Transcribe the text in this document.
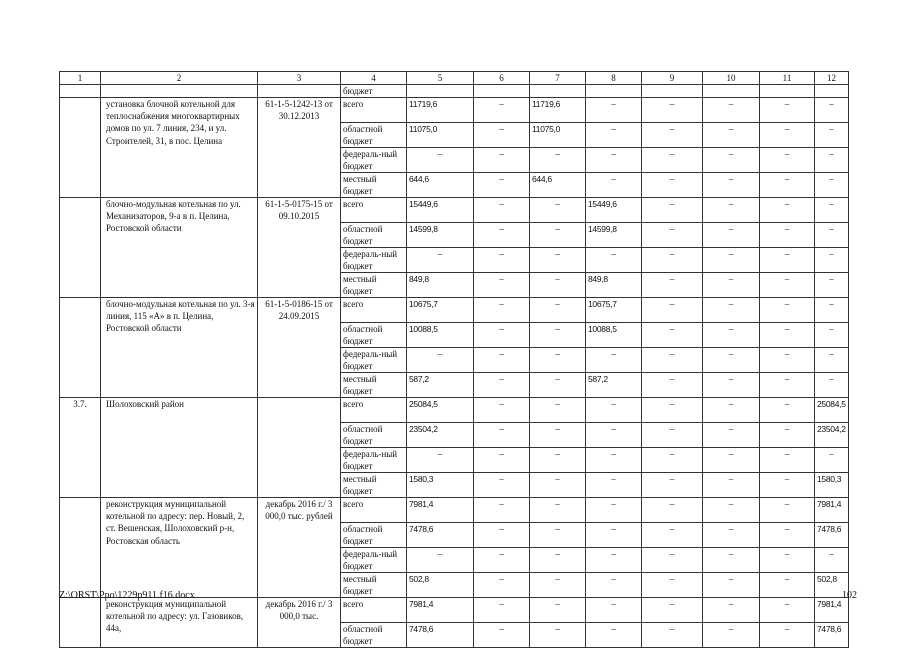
1	2	3	4	5	6	7	8	9	10	11	12
			бюджет								
	установка блочной котельной для теплоснабжения многоквартирных домов по ул. 7 линия, 234, и ул. Строителей, 31, в пос. Целина	61-1-5-1242-13 от 30.12.2013	всего	11719,6	–	11719,6	–	–	–	–	–
			областной бюджет	11075,0	–	11075,0	–	–	–	–	–
			федераль-ный бюджет	–	–	–	–	–	–	–	–
			местный бюджет	644,6	–	644,6	–	–	–	–	–
	блочно-модульная котельная по ул. Механизаторов, 9-а в п. Целина, Ростовской области	61-1-5-0175-15 от 09.10.2015	всего	15449,6	–	–	15449,6	–	–	–	–
			областной бюджет	14599,8	–	–	14599,8	–	–	–	–
			федераль-ный бюджет	–	–	–	–	–	–	–	–
			местный бюджет	849,8	–	–	849,8	–	–	–	–
	блочно-модульная котельная по ул. 3-я линия, 115 «А» в п. Целина, Ростовской области	61-1-5-0186-15 от 24.09.2015	всего	10675,7	–	–	10675,7	–	–	–	–
			областной бюджет	10088,5	–	–	10088,5	–	–	–	–
			федераль-ный бюджет	–	–	–	–	–	–	–	–
			местный бюджет	587,2	–	–	587,2	–	–	–	–
3.7.	Шолоховский район		всего	25084,5	–	–	–	–	–	–	25084,5
			областной бюджет	23504,2	–	–	–	–	–	–	23504,2
			федераль-ный бюджет	–	–	–	–	–	–	–	–
			местный бюджет	1580,3	–	–	–	–	–	–	1580,3
	реконструкция муниципальной котельной по адресу: пер. Новый, 2, ст. Вешенская, Шолоховский р-н, Ростовская область	декабрь 2016 г./ 3 000,0 тыс. рублей	всего	7981,4	–	–	–	–	–	–	7981,4
			областной бюджет	7478,6	–	–	–	–	–	–	7478,6
			федераль-ный бюджет	–	–	–	–	–	–	–	–
			местный бюджет	502,8	–	–	–	–	–	–	502,8
	реконструкция муниципальной котельной по адресу: ул. Газовиков, 44а,	декабрь 2016 г./ 3 000,0 тыс.	всего	7981,4	–	–	–	–	–	–	7981,4
			областной бюджет	7478,6	–	–	–	–	–	–	7478,6
Z:\ORST\Ppo\1229p911.f16.docx	102
